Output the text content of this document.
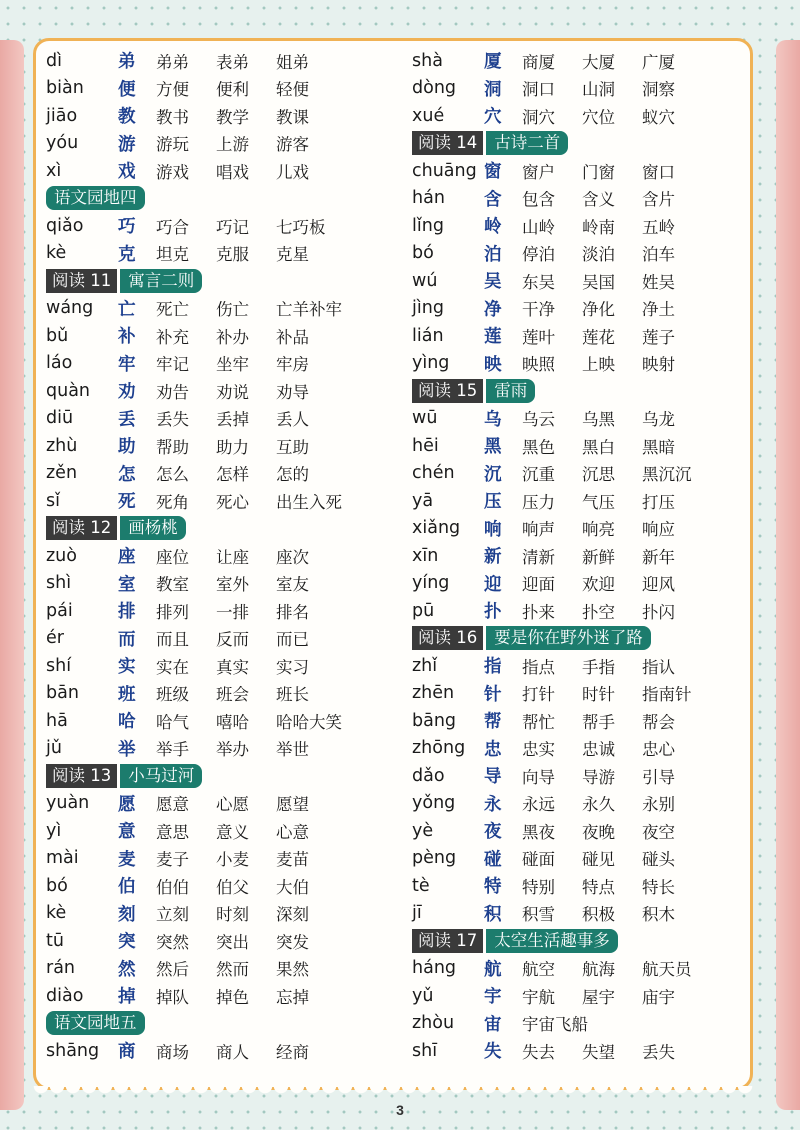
dì	弟	弟弟	表弟	姐弟
biàn	便	方便	便利	轻便
jiāo	教	教书	教学	教课
yóu	游	游玩	上游	游客
xì	戏	游戏	唱戏	儿戏
语文园地四
qiǎo	巧	巧合	巧记	七巧板
kè	克	坦克	克服	克星
阅读 11	寓言二则
wáng	亡	死亡	伤亡	亡羊补牢
bǔ	补	补充	补办	补品
láo	牢	牢记	坐牢	牢房
quàn	劝	劝告	劝说	劝导
diū	丢	丢失	丢掉	丢人
zhù	助	帮助	助力	互助
zěn	怎	怎么	怎样	怎的
sǐ	死	死角	死心	出生入死
阅读 12	画杨桃
zuò	座	座位	让座	座次
shì	室	教室	室外	室友
pái	排	排列	一排	排名
ér	而	而且	反而	而已
shí	实	实在	真实	实习
bān	班	班级	班会	班长
hā	哈	哈气	嘻哈	哈哈大笑
jǔ	举	举手	举办	举世
阅读 13	小马过河
yuàn	愿	愿意	心愿	愿望
yì	意	意思	意义	心意
mài	麦	麦子	小麦	麦苗
bó	伯	伯伯	伯父	大伯
kè	刻	立刻	时刻	深刻
tū	突	突然	突出	突发
rán	然	然后	然而	果然
diào	掉	掉队	掉色	忘掉
语文园地五
shāng	商	商场	商人	经商
shà	厦	商厦	大厦	广厦
dòng	洞	洞口	山洞	洞察
xué	穴	洞穴	穴位	蚁穴
阅读 14	古诗二首
chuāng 窗	窗户	门窗	窗口
hán	含	包含	含义	含片
lǐng	岭	山岭	岭南	五岭
bó	泊	停泊	淡泊	泊车
wú	吴	东吴	吴国	姓吴
jìng	净	干净	净化	净土
lián	莲	莲叶	莲花	莲子
yìng	映	映照	上映	映射
阅读 15	雷雨
wū	乌	乌云	乌黑	乌龙
hēi	黑	黑色	黑白	黑暗
chén	沉	沉重	沉思	黑沉沉
yā	压	压力	气压	打压
xiǎng	响	响声	响亮	响应
xīn	新	清新	新鲜	新年
yíng	迎	迎面	欢迎	迎风
pū	扑	扑来	扑空	扑闪
阅读 16	要是你在野外迷了路
zhǐ	指	指点	手指	指认
zhēn	针	打针	时针	指南针
bāng	帮	帮忙	帮手	帮会
zhōng	忠	忠实	忠诚	忠心
dǎo	导	向导	导游	引导
yǒng	永	永远	永久	永别
yè	夜	黑夜	夜晚	夜空
pèng	碰	碰面	碰见	碰头
tè	特	特别	特点	特长
jī	积	积雪	积极	积木
阅读 17	太空生活趣事多
háng	航	航空	航海	航天员
yǔ	宇	宇航	屋宇	庙宇
zhòu	宙	宇宙飞船
shī	失	失去	失望	丢失
3
